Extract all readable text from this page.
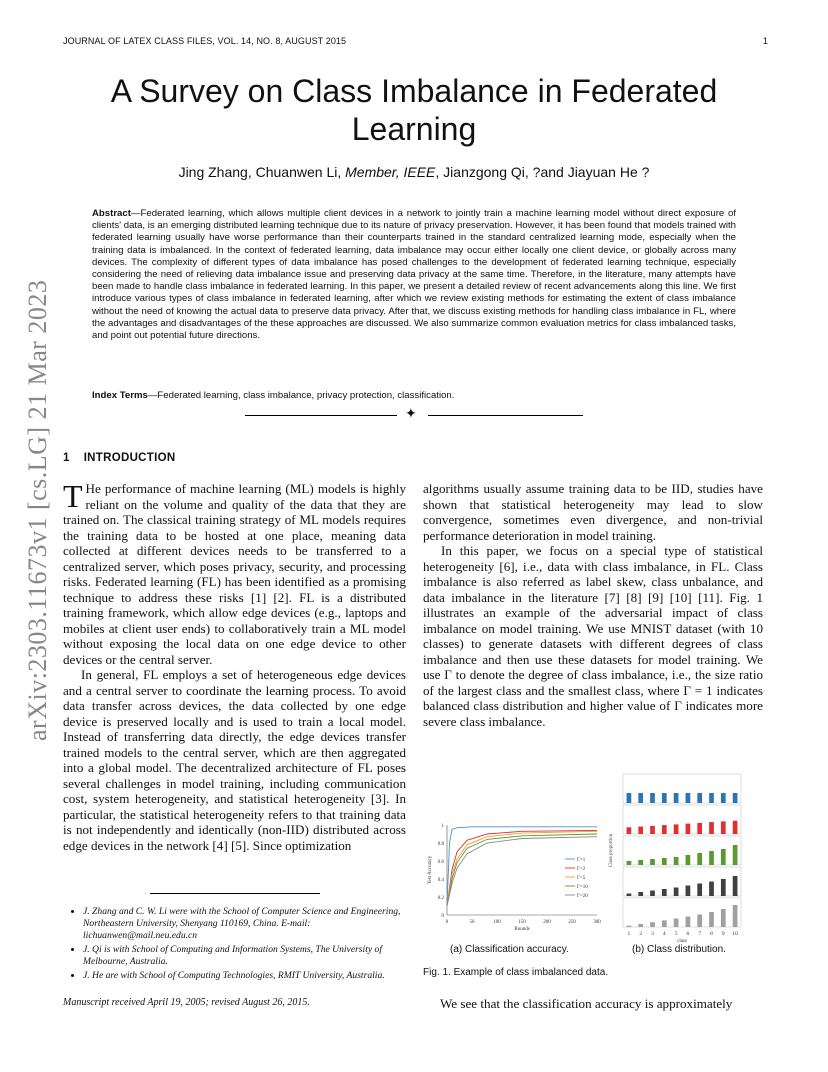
JOURNAL OF LATEX CLASS FILES, VOL. 14, NO. 8, AUGUST 2015	1
arXiv:2303.11673v1 [cs.LG] 21 Mar 2023
A Survey on Class Imbalance in Federated Learning
Jing Zhang, Chuanwen Li, Member, IEEE, Jianzgong Qi, ?and Jiayuan He ?
Abstract—Federated learning, which allows multiple client devices in a network to jointly train a machine learning model without direct exposure of clients' data, is an emerging distributed learning technique due to its nature of privacy preservation. However, it has been found that models trained with federated learning usually have worse performance than their counterparts trained in the standard centralized learning mode, especially when the training data is imbalanced. In the context of federated learning, data imbalance may occur either locally one client device, or globally across many devices. The complexity of different types of data imbalance has posed challenges to the development of federated learning technique, especially considering the need of relieving data imbalance issue and preserving data privacy at the same time. Therefore, in the literature, many attempts have been made to handle class imbalance in federated learning. In this paper, we present a detailed review of recent advancements along this line. We first introduce various types of class imbalance in federated learning, after which we review existing methods for estimating the extent of class imbalance without the need of knowing the actual data to preserve data privacy. After that, we discuss existing methods for handling class imbalance in FL, where the advantages and disadvantages of the these approaches are discussed. We also summarize common evaluation metrics for class imbalanced tasks, and point out potential future directions.
Index Terms—Federated learning, class imbalance, privacy protection, classification.
✦
1 INTRODUCTION

T He performance of machine learning (ML) models is highly reliant on the volume and quality of the data that they are trained on. The classical training strategy of ML models requires the training data to be hosted at one place, meaning data collected at different devices needs to be transferred to a centralized server, which poses privacy, security, and processing risks. Federated learning (FL) has been identified as a promising technique to address these risks [1] [2]. FL is a distributed training framework, which allow edge devices (e.g., laptops and mobiles at client user ends) to collaboratively train a ML model without exposing the local data on one edge device to other devices or the central server.

In general, FL employs a set of heterogeneous edge devices and a central server to coordinate the learning process. To avoid data transfer across devices, the data collected by one edge device is preserved locally and is used to train a local model. Instead of transferring data directly, the edge devices transfer trained models to the central server, which are then aggregated into a global model. The decentralized architecture of FL poses several challenges in model training, including communication cost, system heterogeneity, and statistical heterogeneity [3]. In particular, the statistical heterogeneity refers to that training data is not independently and identically (non-IID) distributed across edge devices in the network [4] [5]. Since optimization

algorithms usually assume training data to be IID, studies have shown that statistical heterogeneity may lead to slow convergence, sometimes even divergence, and non-trivial performance deterioration in model training.

In this paper, we focus on a special type of statistical heterogeneity [6], i.e., data with class imbalance, in FL. Class imbalance is also referred as label skew, class unbalance, and data imbalance in the literature [7] [8] [9] [10] [11]. Fig. 1 illustrates an example of the adversarial impact of class imbalance on model training. We use MNIST dataset (with 10 classes) to generate datasets with different degrees of class imbalance and then use these datasets for model training. We use Γ to denote the degree of class imbalance, i.e., the size ratio of the largest class and the smallest class, where Γ = 1 indicates balanced class distribution and higher value of Γ indicates more severe class imbalance.

• J. Zhang and C. W. Li were with the School of Computer Science and Engineering, Northeastern University, Shenyang 110169, China. E-mail: lichuanwen@mail.neu.edu.cn
• J. Qi is with School of Computing and Information Systems, The University of Melbourne, Australia.
• J. He are with School of Computing Technologies, RMIT University, Australia.
Manuscript received April 19, 2005; revised August 26, 2015.
0	50	100	150	200	250	300
0
0.2
0.4
0.6
0.8
1
Rounds
Test Accuracy	Γ=1
Γ=2
Γ=5
Γ=10
Γ=20
1 2 3 4 5 6 7 8 9 10
class
Class proportion
(a) Classification accuracy.	(b) Class distribution.
Fig. 1. Example of class imbalanced data.
We see that the classification accuracy is approximately
